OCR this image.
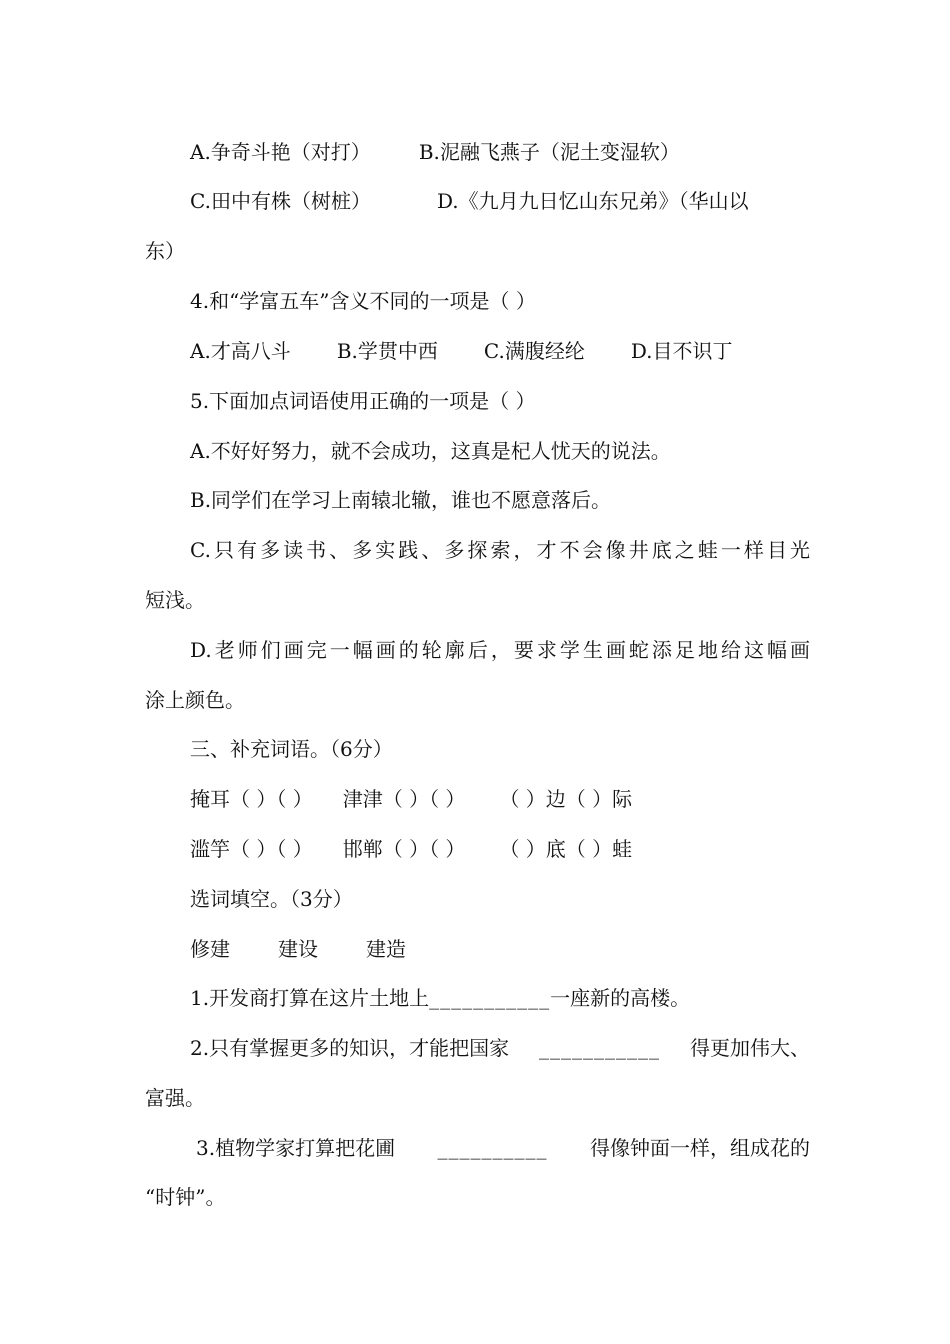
A.争奇斗艳（对打） B.泥融飞燕子（泥土变湿软）
C.田中有株（树桩）	D.《九月九日忆山东兄弟》（华山以
东）
4.和“学富五车”含义不同的一项是（ ）
A.才高八斗 B.学贯中西 C.满腹经纶 D.目不识丁
5.下面加点词语使用正确的一项是（ ）
A.不好好努力，就不会成功，这真是杞人忧天的说法。
B.同学们在学习上南辕北辙，谁也不愿意落后。
C.只有多读书、多实践、多探索，才不会像井底之蛙一样目光
短浅。
D.老师们画完一幅画的轮廓后，要求学生画蛇添足地给这幅画
涂上颜色。
三、补充词语。（6分）
掩耳（ ）（ ） 津津（ ）（ ） （ ）边（ ）际
滥竽（ ）（ ） 邯郸（ ）（ ） （ ）底（ ）蛙
选词填空。（3分）
修建 建设 建造
1.开发商打算在这片土地上 ___________ 一座新的高楼。
2.只有掌握更多的知识，才能把国家 ___________ 得更加伟大、
富强。
3.植物学家打算把花圃 __________ 得像钟面一样，组成花的
“时钟”。
